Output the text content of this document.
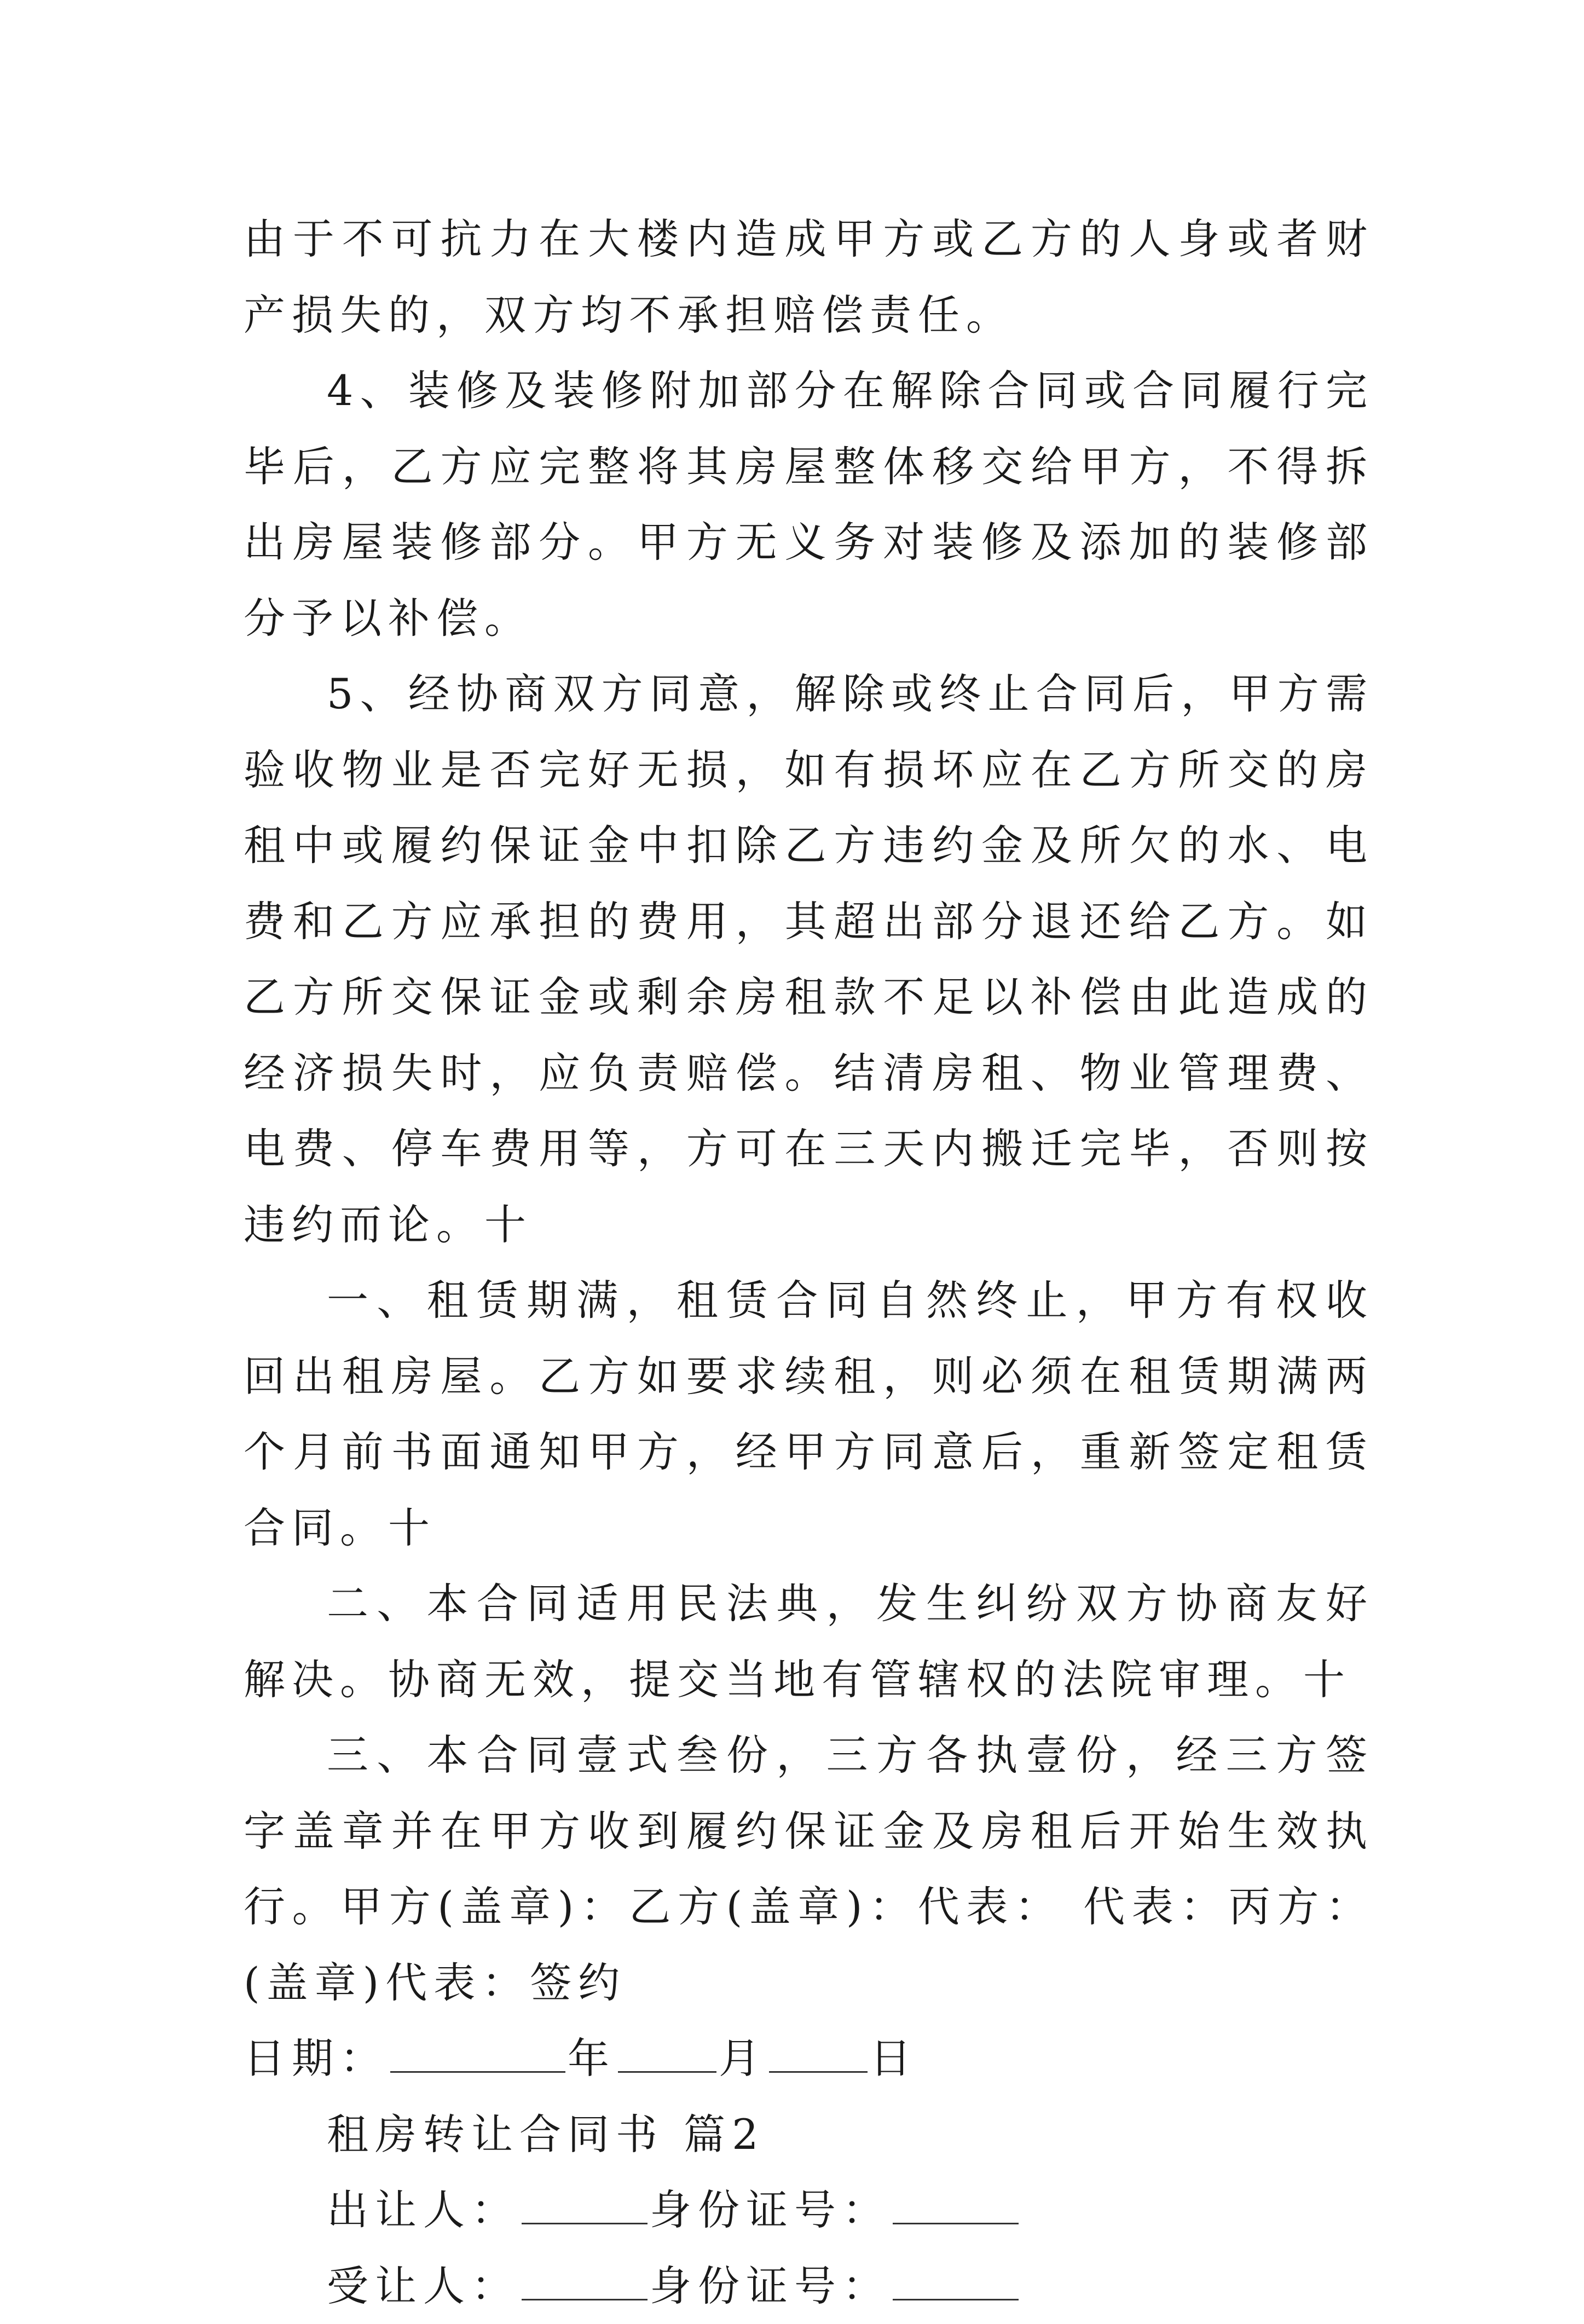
由于不可抗力在大楼内造成甲方或乙方的人身或者财产损失的，双方均不承担赔偿责任。

4、装修及装修附加部分在解除合同或合同履行完毕后，乙方应完整将其房屋整体移交给甲方，不得拆出房屋装修部分。甲方无义务对装修及添加的装修部分予以补偿。

5、经协商双方同意，解除或终止合同后，甲方需验收物业是否完好无损，如有损坏应在乙方所交的房租中或履约保证金中扣除乙方违约金及所欠的水、电费和乙方应承担的费用，其超出部分退还给乙方。如乙方所交保证金或剩余房租款不足以补偿由此造成的经济损失时，应负责赔偿。结清房租、物业管理费、电费、停车费用等，方可在三天内搬迁完毕，否则按违约而论。十

一、租赁期满，租赁合同自然终止，甲方有权收回出租房屋。乙方如要求续租，则必须在租赁期满两个月前书面通知甲方，经甲方同意后，重新签定租赁合同。十

二、本合同适用民法典，发生纠纷双方协商友好解决。协商无效，提交当地有管辖权的法院审理。十

三、本合同壹式叁份，三方各执壹份，经三方签字盖章并在甲方收到履约保证金及房租后开始生效执行。甲方(盖章)：乙方(盖章)：代表： 代表：丙方：(盖章)代表：签约

日期：	年 月 日

租房转让合同书 篇2

出让人：	身份证号：

受让人：	身份证号：
